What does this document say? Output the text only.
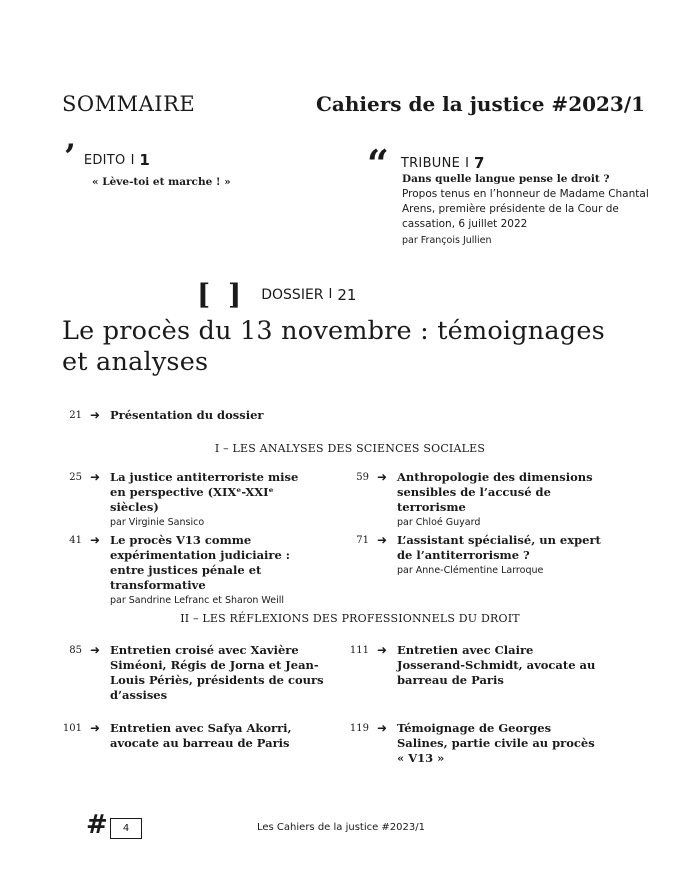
SOMMAIRE	Cahiers de la justice #2023/1
’ EDITO I 1
« Lève-toi et marche ! »	“ TRIBUNE I 7
Dans quelle langue pense le droit ?
Propos tenus en l’honneur de Madame Chantal Arens, première présidente de la Cour de cassation, 6 juillet 2022
par François Jullien
[ ] DOSSIER I 21
Le procès du 13 novembre : témoignages
et analyses
21 ➜ Présentation du dossier
I – LES ANALYSES DES SCIENCES SOCIALES
25 ➜ La justice antiterroriste mise en perspective (XIXᵉ-XXIᵉ siècles)
par Virginie Sansico
59 ➜ Anthropologie des dimensions sensibles de l’accusé de terrorisme
par Chloé Guyard
41 ➜ Le procès V13 comme expérimentation judiciaire : entre justices pénale et transformative
par Sandrine Lefranc et Sharon Weill
71 ➜ L’assistant spécialisé, un expert de l’antiterrorisme ?
par Anne-Clémentine Larroque
II – LES RÉFLEXIONS DES PROFESSIONNELS DU DROIT
85 ➜ Entretien croisé avec Xavière Siméoni, Régis de Jorna et Jean-Louis Périès, présidents de cours d’assises
111 ➜ Entretien avec Claire Josserand-Schmidt, avocate au barreau de Paris
101 ➜ Entretien avec Safya Akorri, avocate au barreau de Paris
119 ➜ Témoignage de Georges Salines, partie civile au procès « V13 »
#	4	Les Cahiers de la justice #2023/1
